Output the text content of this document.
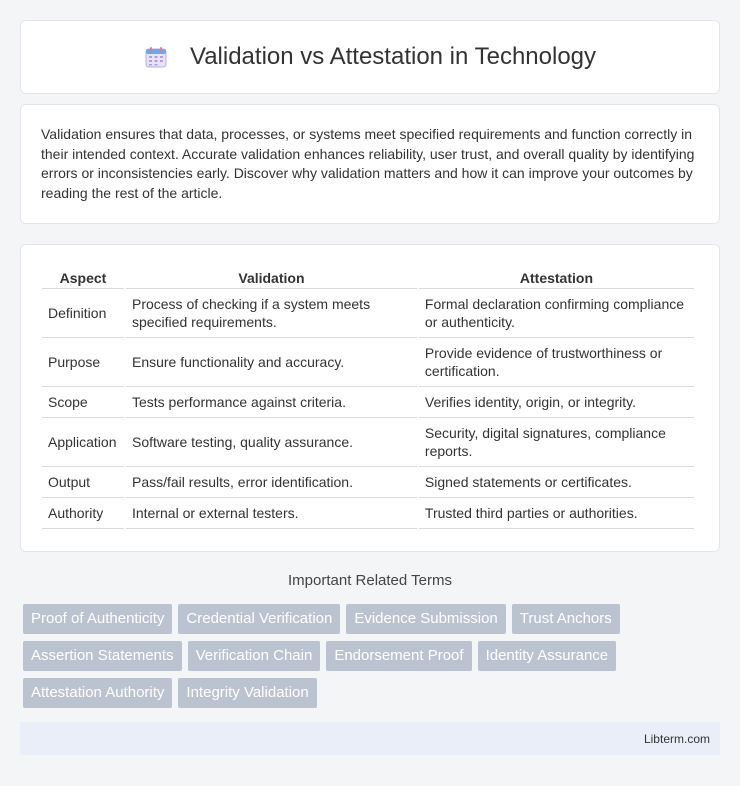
Validation vs Attestation in Technology

Validation ensures that data, processes, or systems meet specified requirements and function correctly in their intended context. Accurate validation enhances reliability, user trust, and overall quality by identifying errors or inconsistencies early. Discover why validation matters and how it can improve your outcomes by reading the rest of the article.

Aspect	Validation	Attestation
Definition	Process of checking if a system meets specified requirements.	Formal declaration confirming compliance or authenticity.
Purpose	Ensure functionality and accuracy.	Provide evidence of trustworthiness or certification.
Scope	Tests performance against criteria.	Verifies identity, origin, or integrity.
Application	Software testing, quality assurance.	Security, digital signatures, compliance reports.
Output	Pass/fail results, error identification.	Signed statements or certificates.
Authority	Internal or external testers.	Trusted third parties or authorities.
Important Related Terms
Proof of Authenticity	Credential Verification	Evidence Submission	Trust Anchors
Assertion Statements	Verification Chain	Endorsement Proof	Identity Assurance
Attestation Authority	Integrity Validation
Libterm.com
